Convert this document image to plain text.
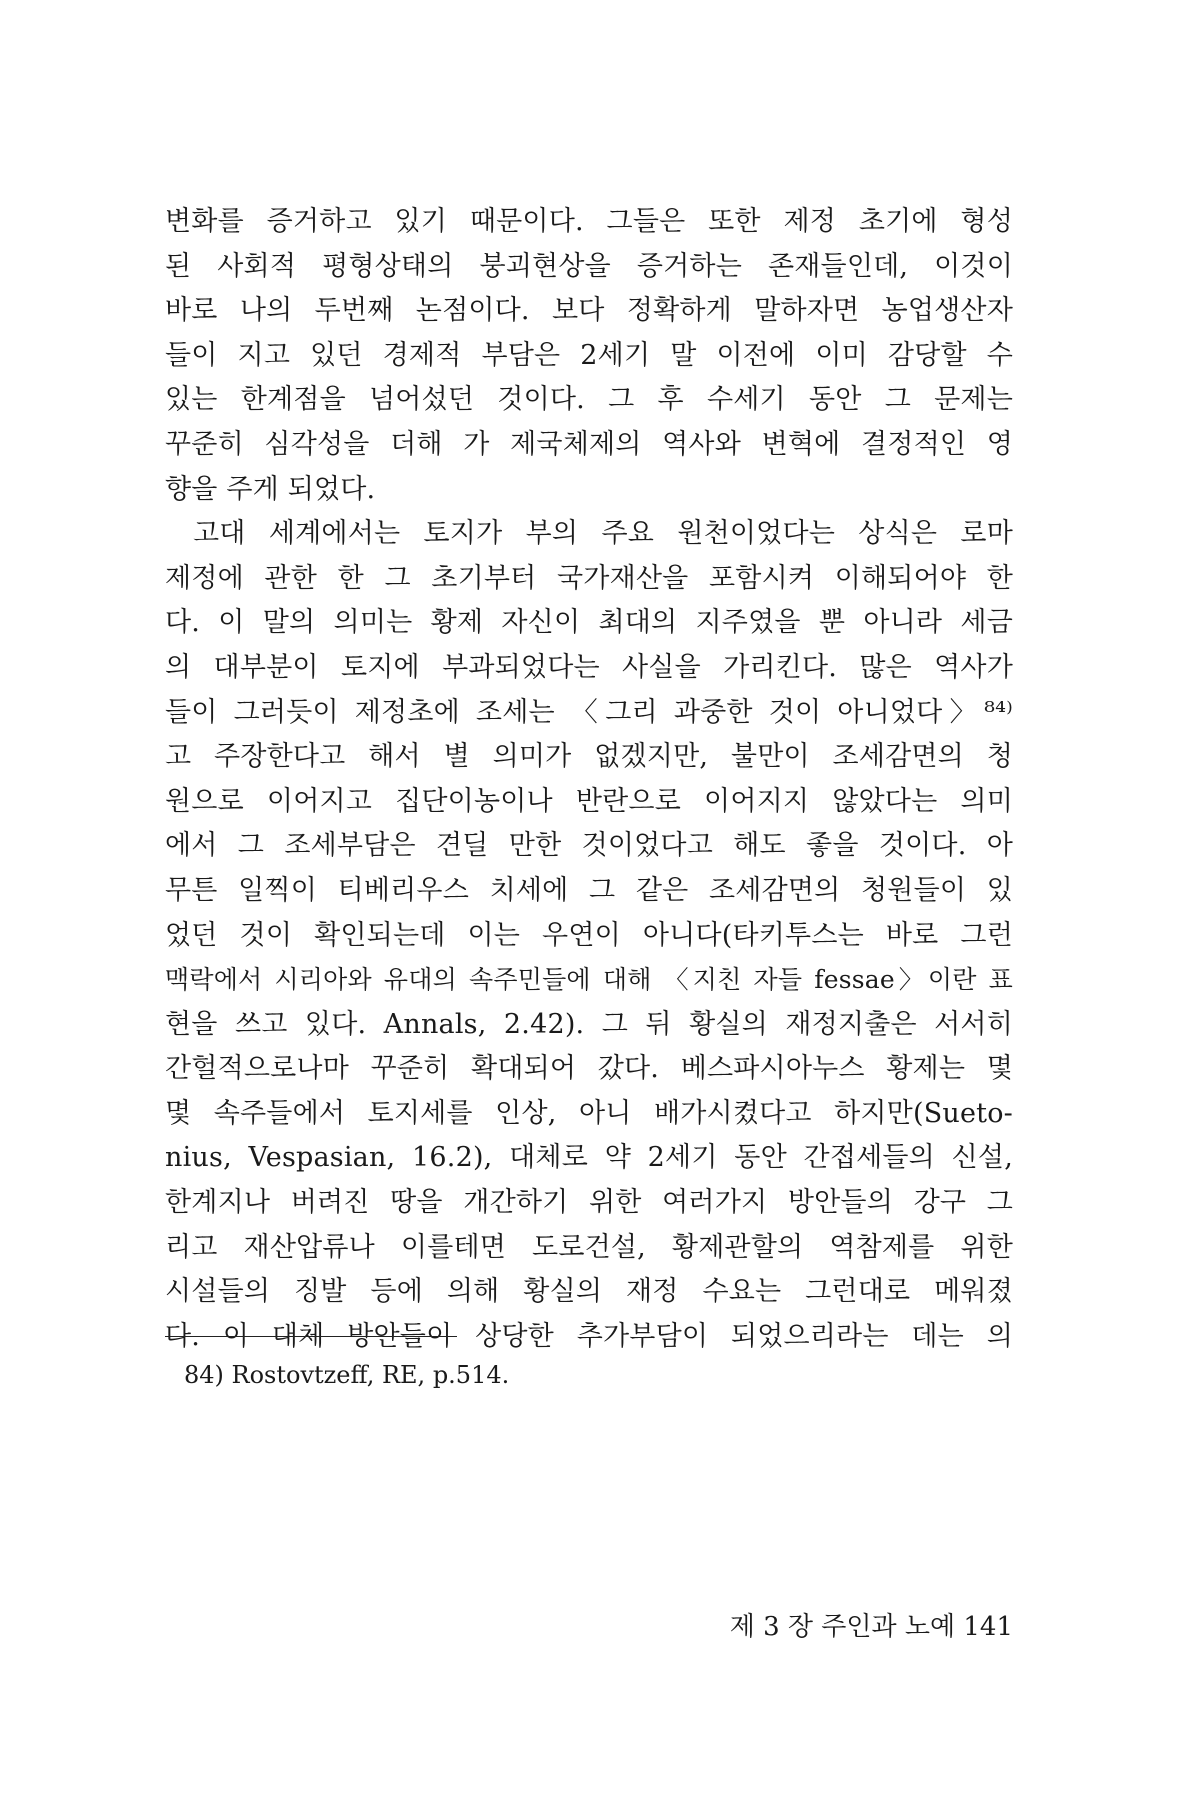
변화를 증거하고 있기 때문이다. 그들은 또한 제정 초기에 형성
된 사회적 평형상태의 붕괴현상을 증거하는 존재들인데, 이것이
바로 나의 두번째 논점이다. 보다 정확하게 말하자면 농업생산자
들이 지고 있던 경제적 부담은 2세기 말 이전에 이미 감당할 수
있는 한계점을 넘어섰던 것이다. 그 후 수세기 동안 그 문제는
꾸준히 심각성을 더해 가 제국체제의 역사와 변혁에 결정적인 영
향을 주게 되었다.
고대 세계에서는 토지가 부의 주요 원천이었다는 상식은 로마
제정에 관한 한 그 초기부터 국가재산을 포함시켜 이해되어야 한
다. 이 말의 의미는 황제 자신이 최대의 지주였을 뿐 아니라 세금
의 대부분이 토지에 부과되었다는 사실을 가리킨다. 많은 역사가
들이 그러듯이 제정초에 조세는 〈그리 과중한 것이 아니었다〉⁸⁴⁾
고 주장한다고 해서 별 의미가 없겠지만, 불만이 조세감면의 청
원으로 이어지고 집단이농이나 반란으로 이어지지 않았다는 의미
에서 그 조세부담은 견딜 만한 것이었다고 해도 좋을 것이다. 아
무튼 일찍이 티베리우스 치세에 그 같은 조세감면의 청원들이 있
었던 것이 확인되는데 이는 우연이 아니다(타키투스는 바로 그런
맥락에서 시리아와 유대의 속주민들에 대해 〈지친 자들 fessae〉이란 표
현을 쓰고 있다. Annals, 2.42). 그 뒤 황실의 재정지출은 서서히
간헐적으로나마 꾸준히 확대되어 갔다. 베스파시아누스 황제는 몇
몇 속주들에서 토지세를 인상, 아니 배가시켰다고 하지만(Sueto-
nius, Vespasian, 16.2), 대체로 약 2세기 동안 간접세들의 신설,
한계지나 버려진 땅을 개간하기 위한 여러가지 방안들의 강구 그
리고 재산압류나 이를테면 도로건설, 황제관할의 역참제를 위한
시설들의 징발 등에 의해 황실의 재정 수요는 그런대로 메워졌
다. 이 대체 방안들이 상당한 추가부담이 되었으리라는 데는 의
84) Rostovtzeff, RE, p.514.
제 3 장 주인과 노예 141
